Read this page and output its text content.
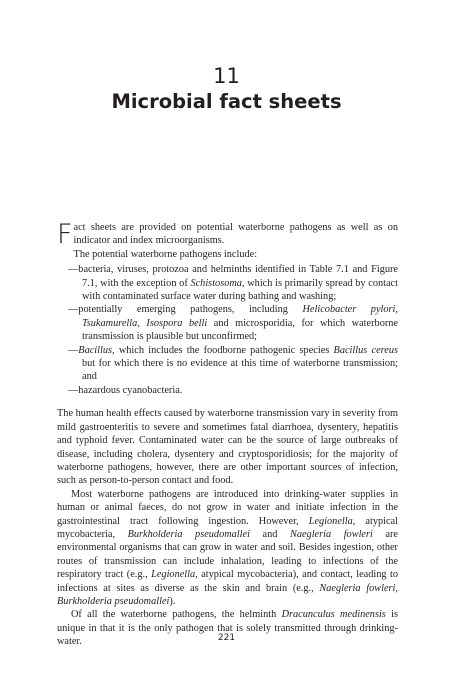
11
Microbial fact sheets

Fact sheets are provided on potential waterborne pathogens as well as on indicator and index microorganisms.

The potential waterborne pathogens include:

—bacteria, viruses, protozoa and helminths identified in Table 7.1 and Figure 7.1, with the exception of Schistosoma, which is primarily spread by contact with contaminated surface water during bathing and washing;
—potentially emerging pathogens, including Helicobacter pylori, Tsukamurella, Isospora belli and microsporidia, for which waterborne transmission is plausible but unconfirmed;
—Bacillus, which includes the foodborne pathogenic species Bacillus cereus but for which there is no evidence at this time of waterborne transmission; and
—hazardous cyanobacteria.

The human health effects caused by waterborne transmission vary in severity from mild gastroenteritis to severe and sometimes fatal diarrhoea, dysentery, hepatitis and typhoid fever. Contaminated water can be the source of large outbreaks of disease, including cholera, dysentery and cryptosporidiosis; for the majority of waterborne pathogens, however, there are other important sources of infection, such as person-to-person contact and food.

Most waterborne pathogens are introduced into drinking-water supplies in human or animal faeces, do not grow in water and initiate infection in the gastrointestinal tract following ingestion. However, Legionella, atypical mycobacteria, Burkholderia pseudomallei and Naegleria fowleri are environmental organisms that can grow in water and soil. Besides ingestion, other routes of transmission can include inhalation, leading to infections of the respiratory tract (e.g., Legionella, atypical mycobacteria), and contact, leading to infections at sites as diverse as the skin and brain (e.g., Naegleria fowleri, Burkholderia pseudomallei).

Of all the waterborne pathogens, the helminth Dracunculus medinensis is unique in that it is the only pathogen that is solely transmitted through drinking-water.	221
